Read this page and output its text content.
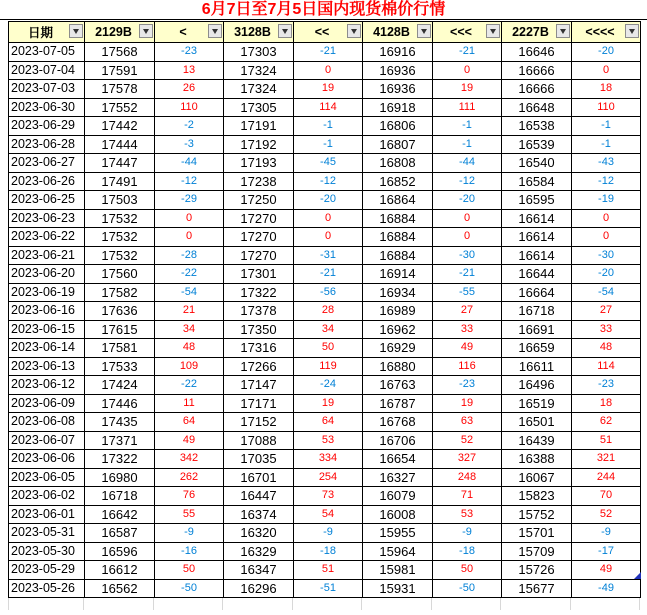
6月7日至7月5日国内现货棉价行情
日期	2129B	<	3128B	<<	4128B	<<<	2227B	<<<<

2023-07-05	17568	-23	17303	-21	16916	-21	16646	-20
2023-07-04	17591	13	17324	0	16936	0	16666	0
2023-07-03	17578	26	17324	19	16936	19	16666	18
2023-06-30	17552	110	17305	114	16918	111	16648	110
2023-06-29	17442	-2	17191	-1	16806	-1	16538	-1
2023-06-28	17444	-3	17192	-1	16807	-1	16539	-1
2023-06-27	17447	-44	17193	-45	16808	-44	16540	-43
2023-06-26	17491	-12	17238	-12	16852	-12	16584	-12
2023-06-25	17503	-29	17250	-20	16864	-20	16595	-19
2023-06-23	17532	0	17270	0	16884	0	16614	0
2023-06-22	17532	0	17270	0	16884	0	16614	0
2023-06-21	17532	-28	17270	-31	16884	-30	16614	-30
2023-06-20	17560	-22	17301	-21	16914	-21	16644	-20
2023-06-19	17582	-54	17322	-56	16934	-55	16664	-54
2023-06-16	17636	21	17378	28	16989	27	16718	27
2023-06-15	17615	34	17350	34	16962	33	16691	33
2023-06-14	17581	48	17316	50	16929	49	16659	48
2023-06-13	17533	109	17266	119	16880	116	16611	114
2023-06-12	17424	-22	17147	-24	16763	-23	16496	-23
2023-06-09	17446	11	17171	19	16787	19	16519	18
2023-06-08	17435	64	17152	64	16768	63	16501	62
2023-06-07	17371	49	17088	53	16706	52	16439	51
2023-06-06	17322	342	17035	334	16654	327	16388	321
2023-06-05	16980	262	16701	254	16327	248	16067	244
2023-06-02	16718	76	16447	73	16079	71	15823	70
2023-06-01	16642	55	16374	54	16008	53	15752	52
2023-05-31	16587	-9	16320	-9	15955	-9	15701	-9
2023-05-30	16596	-16	16329	-18	15964	-18	15709	-17
2023-05-29	16612	50	16347	51	15981	50	15726	49
2023-05-26	16562	-50	16296	-51	15931	-50	15677	-49
